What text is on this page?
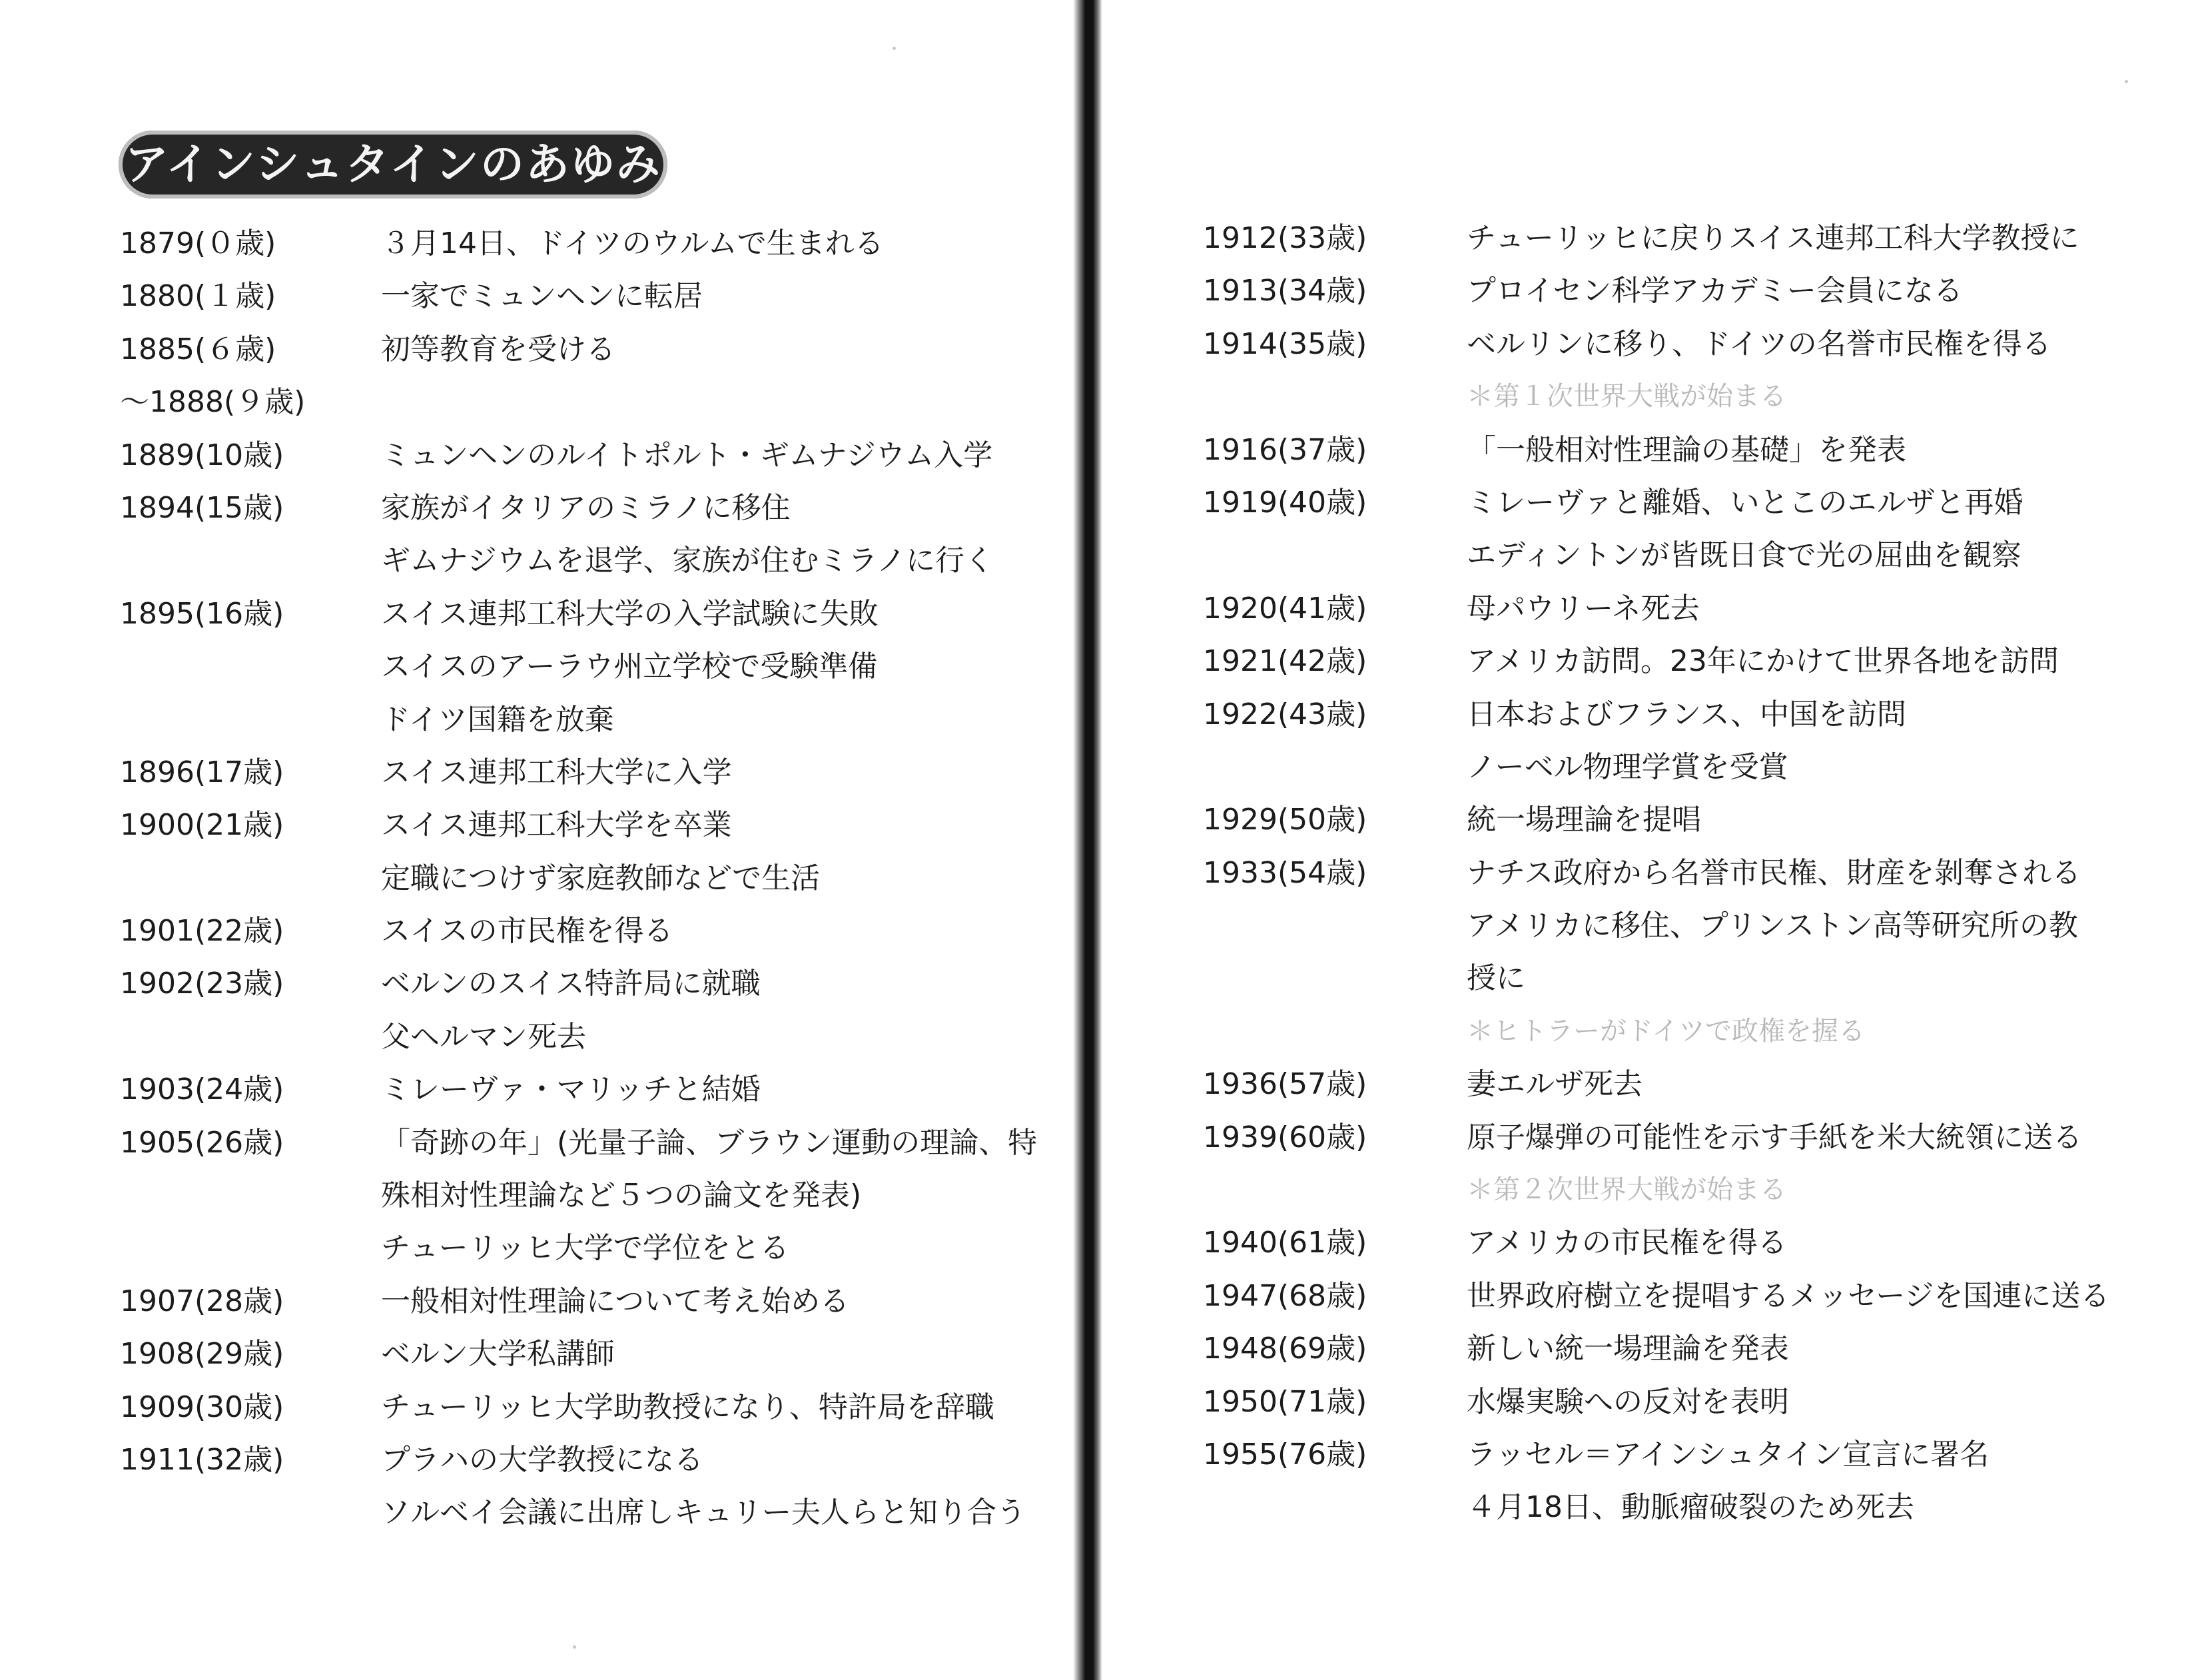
アインシュタインのあゆみ
1879(０歳)	３月14日、ドイツのウルムで生まれる
1880(１歳)	一家でミュンヘンに転居
1885(６歳)	初等教育を受ける
～1888(９歳)
1889(10歳)	ミュンヘンのルイトポルト・ギムナジウム入学
1894(15歳)	家族がイタリアのミラノに移住
ギムナジウムを退学、家族が住むミラノに行く
1895(16歳)	スイス連邦工科大学の入学試験に失敗
スイスのアーラウ州立学校で受験準備
ドイツ国籍を放棄
1896(17歳)	スイス連邦工科大学に入学
1900(21歳)	スイス連邦工科大学を卒業
定職につけず家庭教師などで生活
1901(22歳)	スイスの市民権を得る
1902(23歳)	ベルンのスイス特許局に就職
父ヘルマン死去
1903(24歳)	ミレーヴァ・マリッチと結婚
1905(26歳)	「奇跡の年」(光量子論、ブラウン運動の理論、特
殊相対性理論など５つの論文を発表)
チューリッヒ大学で学位をとる
1907(28歳)	一般相対性理論について考え始める
1908(29歳)	ベルン大学私講師
1909(30歳)	チューリッヒ大学助教授になり、特許局を辞職
1911(32歳)	プラハの大学教授になる
ソルベイ会議に出席しキュリー夫人らと知り合う
1912(33歳)	チューリッヒに戻りスイス連邦工科大学教授に
1913(34歳)	プロイセン科学アカデミー会員になる
1914(35歳)	ベルリンに移り、ドイツの名誉市民権を得る
＊第１次世界大戦が始まる
1916(37歳)	「一般相対性理論の基礎」を発表
1919(40歳)	ミレーヴァと離婚、いとこのエルザと再婚
エディントンが皆既日食で光の屈曲を観察
1920(41歳)	母パウリーネ死去
1921(42歳)	アメリカ訪問。23年にかけて世界各地を訪問
1922(43歳)	日本およびフランス、中国を訪問
ノーベル物理学賞を受賞
1929(50歳)	統一場理論を提唱
1933(54歳)	ナチス政府から名誉市民権、財産を剝奪される
アメリカに移住、プリンストン高等研究所の教
授に
＊ヒトラーがドイツで政権を握る
1936(57歳)	妻エルザ死去
1939(60歳)	原子爆弾の可能性を示す手紙を米大統領に送る
＊第２次世界大戦が始まる
1940(61歳)	アメリカの市民権を得る
1947(68歳)	世界政府樹立を提唱するメッセージを国連に送る
1948(69歳)	新しい統一場理論を発表
1950(71歳)	水爆実験への反対を表明
1955(76歳)	ラッセル＝アインシュタイン宣言に署名
４月18日、動脈瘤破裂のため死去
